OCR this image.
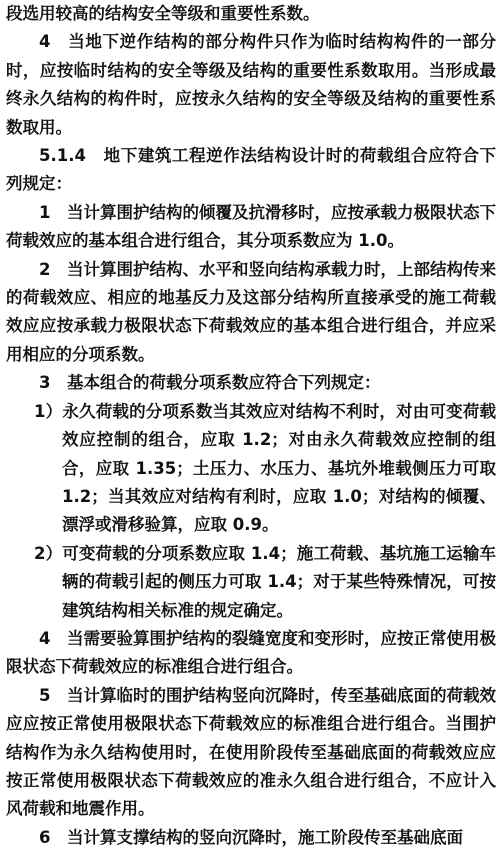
段选用较高的结构安全等级和重要性系数。

4　 当地下逆作结构的部分构件只作为临时结构构件的一部分时，应按临时结构的安全等级及结构的重要性系数取用。当形成最终永久结构的构件时，应按永久结构的安全等级及结构的重要性系数取用。

5.1.4　 地下建筑工程逆作法结构设计时的荷载组合应符合下列规定：

1　 当计算围护结构的倾覆及抗滑移时，应按承载力极限状态下荷载效应的基本组合进行组合，其分项系数应为 1.0。

2　 当计算围护结构、水平和竖向结构承载力时，上部结构传来的荷载效应、相应的地基反力及这部分结构所直接承受的施工荷载效应应按承载力极限状态下荷载效应的基本组合进行组合，并应采用相应的分项系数。

3　 基本组合的荷载分项系数应符合下列规定：

1）永久荷载的分项系数当其效应对结构不利时，对由可变荷载效应控制的组合，应取 1.2；对由永久荷载效应控制的组合，应取 1.35；土压力、水压力、基坑外堆载侧压力可取 1.2；当其效应对结构有利时，应取 1.0；对结构的倾覆、漂浮或滑移验算，应取 0.9。

2）可变荷载的分项系数应取 1.4；施工荷载、基坑施工运输车辆的荷载引起的侧压力可取 1.4；对于某些特殊情况，可按建筑结构相关标准的规定确定。

4　 当需要验算围护结构的裂缝宽度和变形时，应按正常使用极限状态下荷载效应的标准组合进行组合。

5　 当计算临时的围护结构竖向沉降时，传至基础底面的荷载效应应按正常使用极限状态下荷载效应的标准组合进行组合。当围护结构作为永久结构使用时，在使用阶段传至基础底面的荷载效应应按正常使用极限状态下荷载效应的准永久组合进行组合，不应计入风荷载和地震作用。

6　 当计算支撑结构的竖向沉降时，施工阶段传至基础底面
